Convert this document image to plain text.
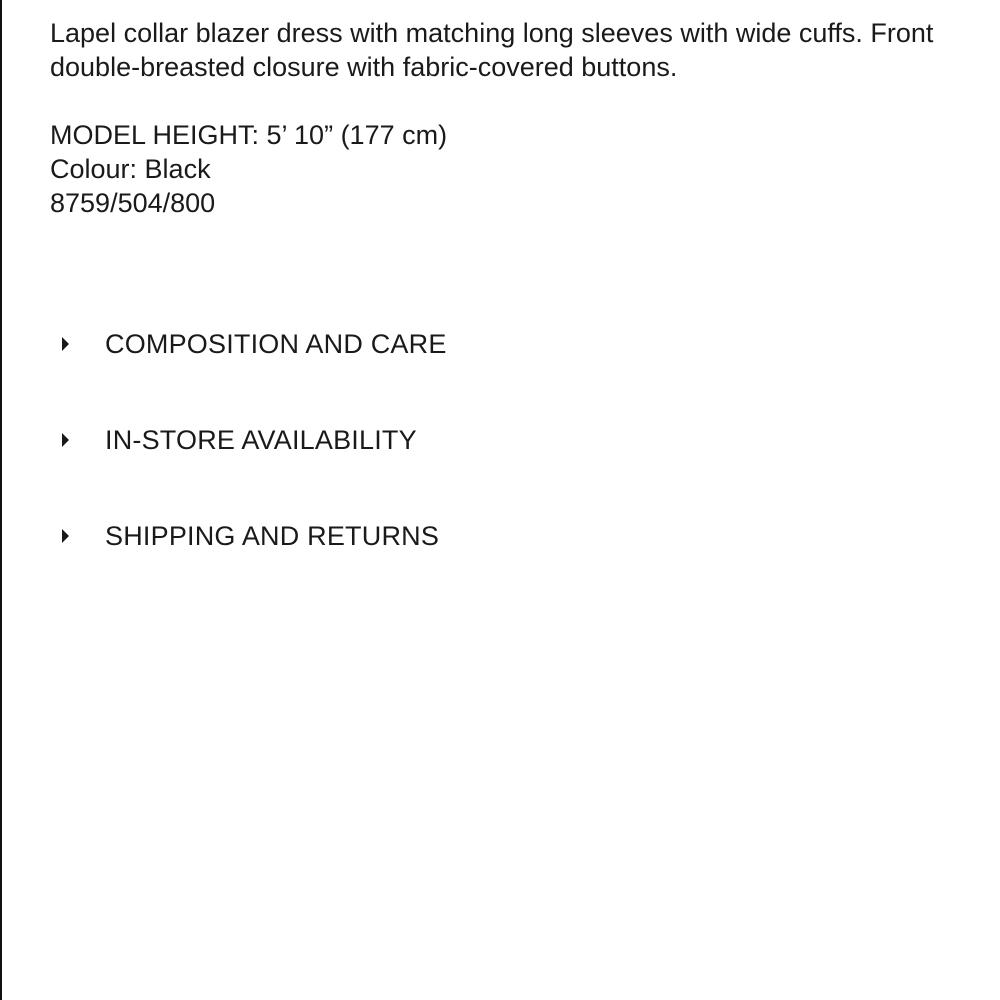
Lapel collar blazer dress with matching long sleeves with wide cuffs. Front double-breasted closure with fabric-covered buttons.

MODEL HEIGHT: 5’ 10” (177 cm)
Colour: Black
8759/504/800
COMPOSITION AND CARE
IN-STORE AVAILABILITY
SHIPPING AND RETURNS
